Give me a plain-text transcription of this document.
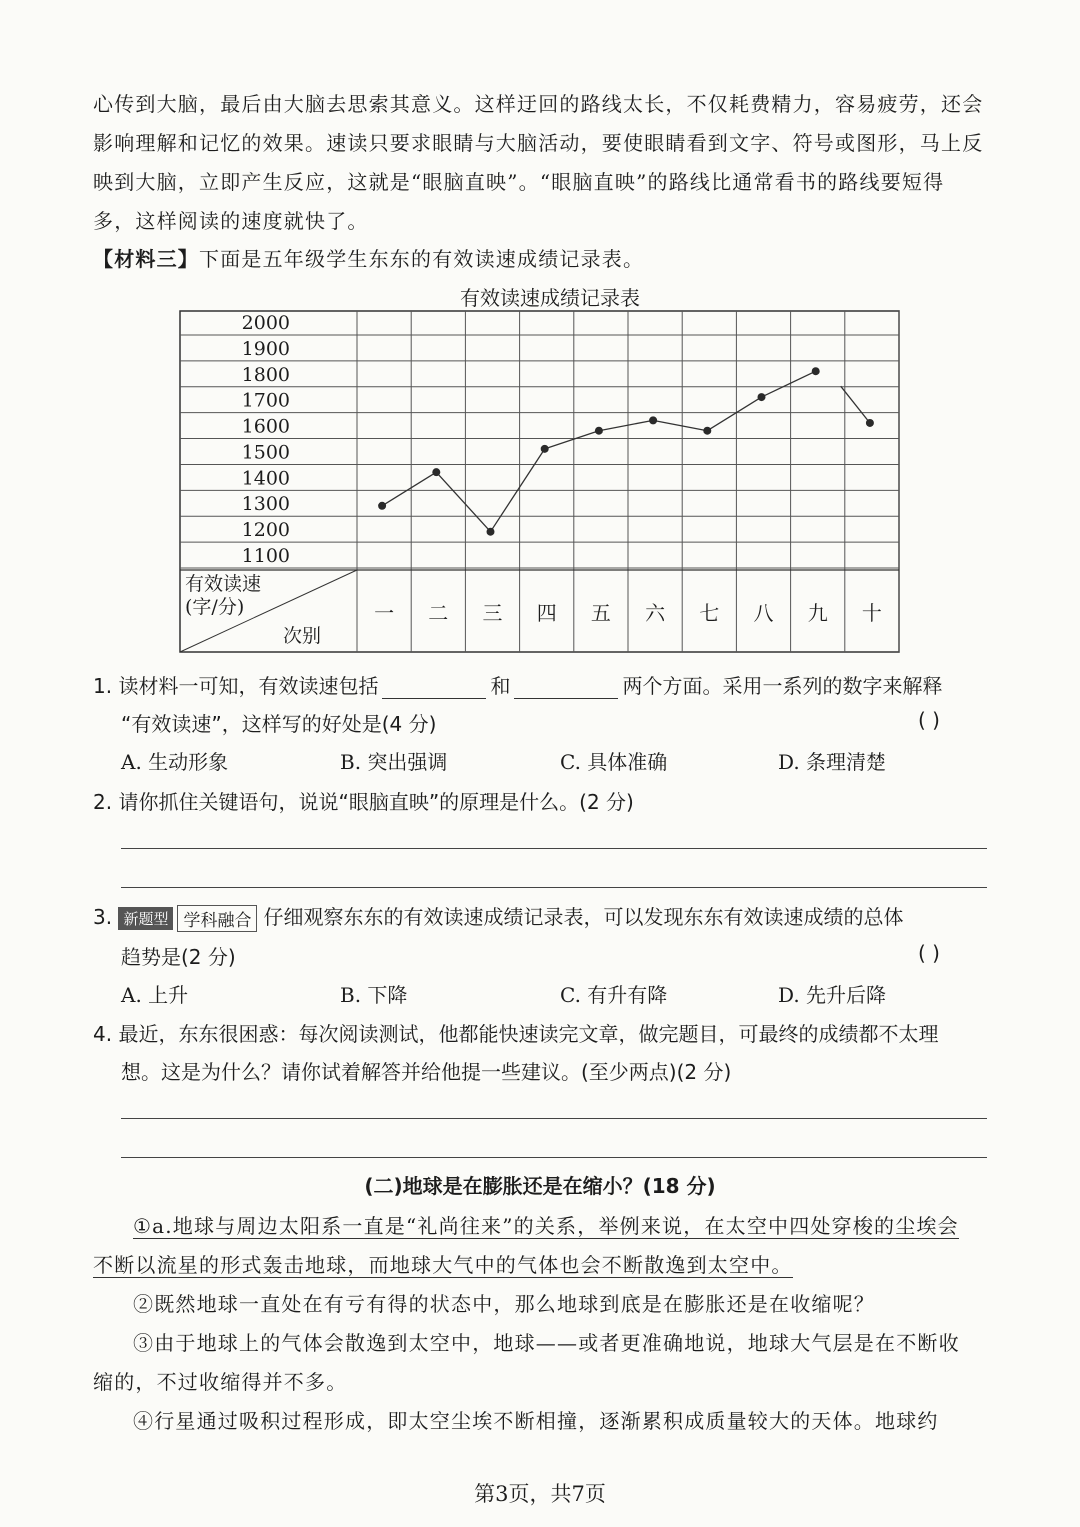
心传到大脑，最后由大脑去思索其意义。这样迂回的路线太长，不仅耗费精力，容易疲劳，还会
影响理解和记忆的效果。速读只要求眼睛与大脑活动，要使眼睛看到文字、符号或图形，马上反
映到大脑，立即产生反应，这就是“眼脑直映”。“眼脑直映”的路线比通常看书的路线要短得
多，这样阅读的速度就快了。
【材料三】下面是五年级学生东东的有效读速成绩记录表。
有效读速成绩记录表
2000
1900
1800
1700
1600
1500
1400
1300
1200
1100
有效读速
(字/分)
次别
一 二 三 四 五 六 七 八 九 十
1. 读材料一可知，有效读速包括	和	两个方面。采用一系列的数字来解释
“有效读速”，这样写的好处是(4 分)	( )
A. 生动形象	B. 突出强调	C. 具体准确	D. 条理清楚
2. 请你抓住关键语句，说说“眼脑直映”的原理是什么。(2 分)
3. 新题型 学科融合 仔细观察东东的有效读速成绩记录表，可以发现东东有效读速成绩的总体
趋势是(2 分)	( )
A. 上升	B. 下降	C. 有升有降	D. 先升后降
4. 最近，东东很困惑：每次阅读测试，他都能快速读完文章，做完题目，可最终的成绩都不太理
想。这是为什么？请你试着解答并给他提一些建议。(至少两点)(2 分)
(二)地球是在膨胀还是在缩小？(18 分)
①a.地球与周边太阳系一直是“礼尚往来”的关系，举例来说，在太空中四处穿梭的尘埃会
不断以流星的形式轰击地球，而地球大气中的气体也会不断散逸到太空中。
②既然地球一直处在有亏有得的状态中，那么地球到底是在膨胀还是在收缩呢？
③由于地球上的气体会散逸到太空中，地球——或者更准确地说，地球大气层是在不断收
缩的，不过收缩得并不多。
④行星通过吸积过程形成，即太空尘埃不断相撞，逐渐累积成质量较大的天体。地球约
第3页，共7页
